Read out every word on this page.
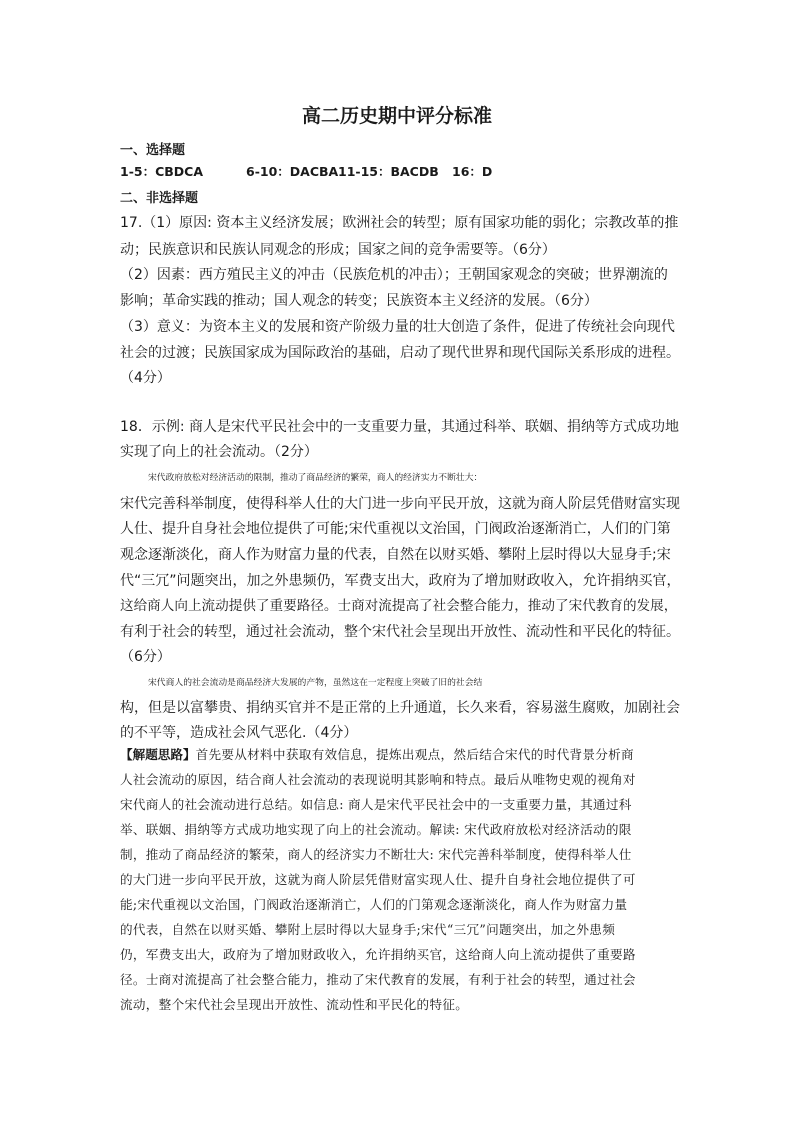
高二历史期中评分标准
一、选择题
1-5：CBDCA	6-10：DACBA11-15：BACDB 16：D
二、非选择题
17.（1）原因: 资本主义经济发展；欧洲社会的转型；原有国家功能的弱化；宗教改革的推
动；民族意识和民族认同观念的形成；国家之间的竞争需要等。（6分）
（2）因素：西方殖民主义的冲击（民族危机的冲击）；王朝国家观念的突破；世界潮流的
影响；革命实践的推动；国人观念的转变；民族资本主义经济的发展。（6分）
（3）意义：为资本主义的发展和资产阶级力量的壮大创造了条件，促进了传统社会向现代
社会的过渡；民族国家成为国际政治的基础，启动了现代世界和现代国际关系形成的进程。
（4分）
18．示例: 商人是宋代平民社会中的一支重要力量，其通过科举、联姻、捐纳等方式成功地
实现了向上的社会流动。（2分）
宋代政府放松对经济活动的限制，推动了商品经济的繁荣，商人的经济实力不断壮大：
宋代完善科举制度，使得科举人仕的大门进一步向平民开放，这就为商人阶层凭借财富实现
人仕、提升自身社会地位提供了可能;宋代重视以文治国，门阀政治逐渐消亡，人们的门第
观念逐渐淡化，商人作为财富力量的代表，自然在以财买婚、攀附上层时得以大显身手;宋
代“三冗”问题突出，加之外患频仍，军费支出大，政府为了增加财政收入，允许捐纳买官，
这给商人向上流动提供了重要路径。士商对流提高了社会整合能力，推动了宋代教育的发展，
有利于社会的转型，通过社会流动，整个宋代社会呈现出开放性、流动性和平民化的特征。
（6分）
宋代商人的社会流动是商品经济大发展的产物，虽然这在一定程度上突破了旧的社会结
构，但是以富攀贵、捐纳买官并不是正常的上升通道，长久来看，容易滋生腐败，加剧社会
的不平等，造成社会风气恶化.（4分）
【解题思路】首先要从材料中获取有效信息，提炼出观点，然后结合宋代的时代背景分析商
人社会流动的原因，结合商人社会流动的表现说明其影响和特点。最后从唯物史观的视角对
宋代商人的社会流动进行总结。如信息: 商人是宋代平民社会中的一支重要力量，其通过科
举、联姻、捐纳等方式成功地实现了向上的社会流动。解读: 宋代政府放松对经济活动的限
制，推动了商品经济的繁荣，商人的经济实力不断壮大: 宋代完善科举制度，使得科举人仕
的大门进一步向平民开放，这就为商人阶层凭借财富实现人仕、提升自身社会地位提供了可
能;宋代重视以文治国，门阀政治逐渐消亡，人们的门第观念逐渐淡化，商人作为财富力量
的代表，自然在以财买婚、攀附上层时得以大显身手;宋代“三冗”问题突出，加之外患频
仍，军费支出大，政府为了增加财政收入，允许捐纳买官，这给商人向上流动提供了重要路
径。士商对流提高了社会整合能力，推动了宋代教育的发展，有利于社会的转型，通过社会
流动，整个宋代社会呈现出开放性、流动性和平民化的特征。
